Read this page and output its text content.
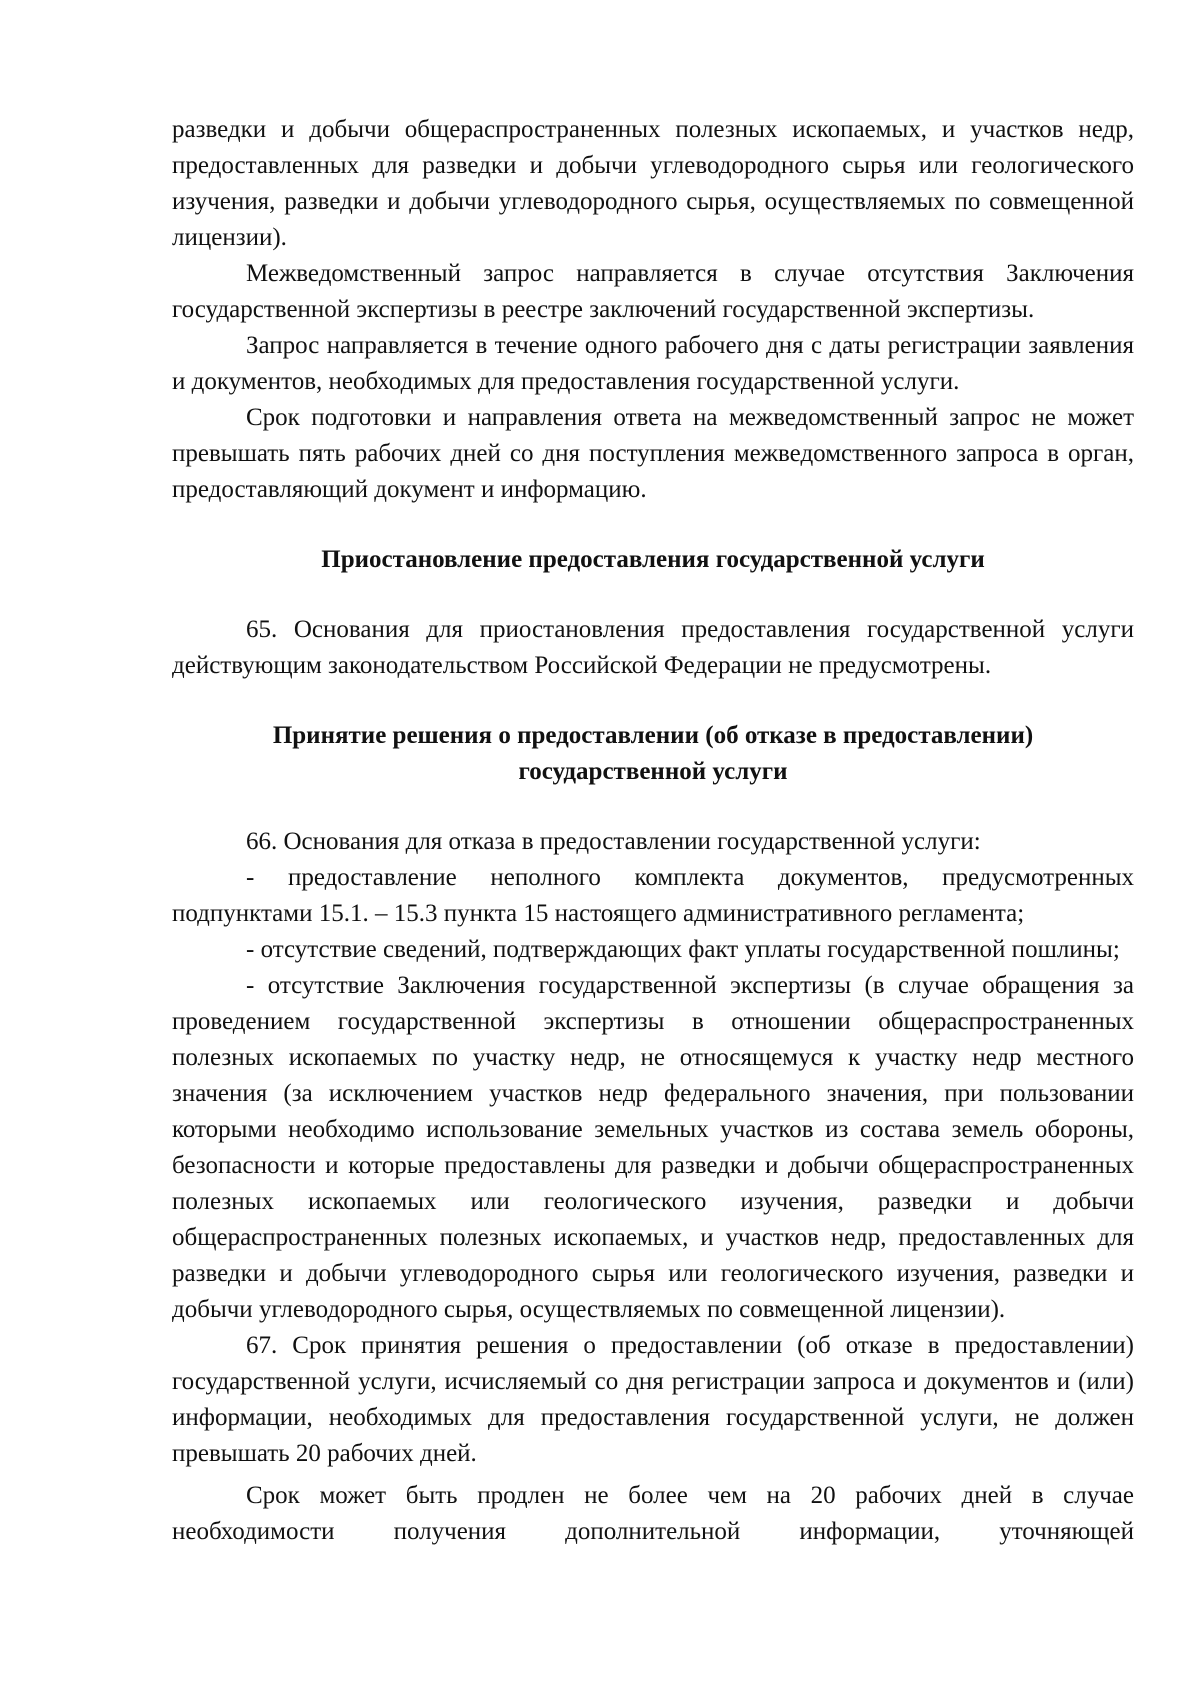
разведки и добычи общераспространенных полезных ископаемых, и участков недр, предоставленных для разведки и добычи углеводородного сырья или геологического изучения, разведки и добычи углеводородного сырья, осуществляемых по совмещенной лицензии).

Межведомственный запрос направляется в случае отсутствия Заключения государственной экспертизы в реестре заключений государственной экспертизы.

Запрос направляется в течение одного рабочего дня с даты регистрации заявления и документов, необходимых для предоставления государственной услуги.

Срок подготовки и направления ответа на межведомственный запрос не может превышать пять рабочих дней со дня поступления межведомственного запроса в орган, предоставляющий документ и информацию.

Приостановление предоставления государственной услуги

65. Основания для приостановления предоставления государственной услуги действующим законодательством Российской Федерации не предусмотрены.

Принятие решения о предоставлении (об отказе в предоставлении)

государственной услуги

66. Основания для отказа в предоставлении государственной услуги:

- предоставление неполного комплекта документов, предусмотренных подпунктами 15.1. – 15.3 пункта 15 настоящего административного регламента;

- отсутствие сведений, подтверждающих факт уплаты государственной пошлины;

- отсутствие Заключения государственной экспертизы (в случае обращения за проведением государственной экспертизы в отношении общераспространенных полезных ископаемых по участку недр, не относящемуся к участку недр местного значения (за исключением участков недр федерального значения, при пользовании которыми необходимо использование земельных участков из состава земель обороны, безопасности и которые предоставлены для разведки и добычи общераспространенных полезных ископаемых или геологического изучения, разведки и добычи общераспространенных полезных ископаемых, и участков недр, предоставленных для разведки и добычи углеводородного сырья или геологического изучения, разведки и добычи углеводородного сырья, осуществляемых по совмещенной лицензии).

67. Срок принятия решения о предоставлении (об отказе в предоставлении) государственной услуги, исчисляемый со дня регистрации запроса и документов и (или) информации, необходимых для предоставления государственной услуги, не должен превышать 20 рабочих дней.

Срок может быть продлен не более чем на 20 рабочих дней в случае необходимости получения дополнительной информации, уточняющей
